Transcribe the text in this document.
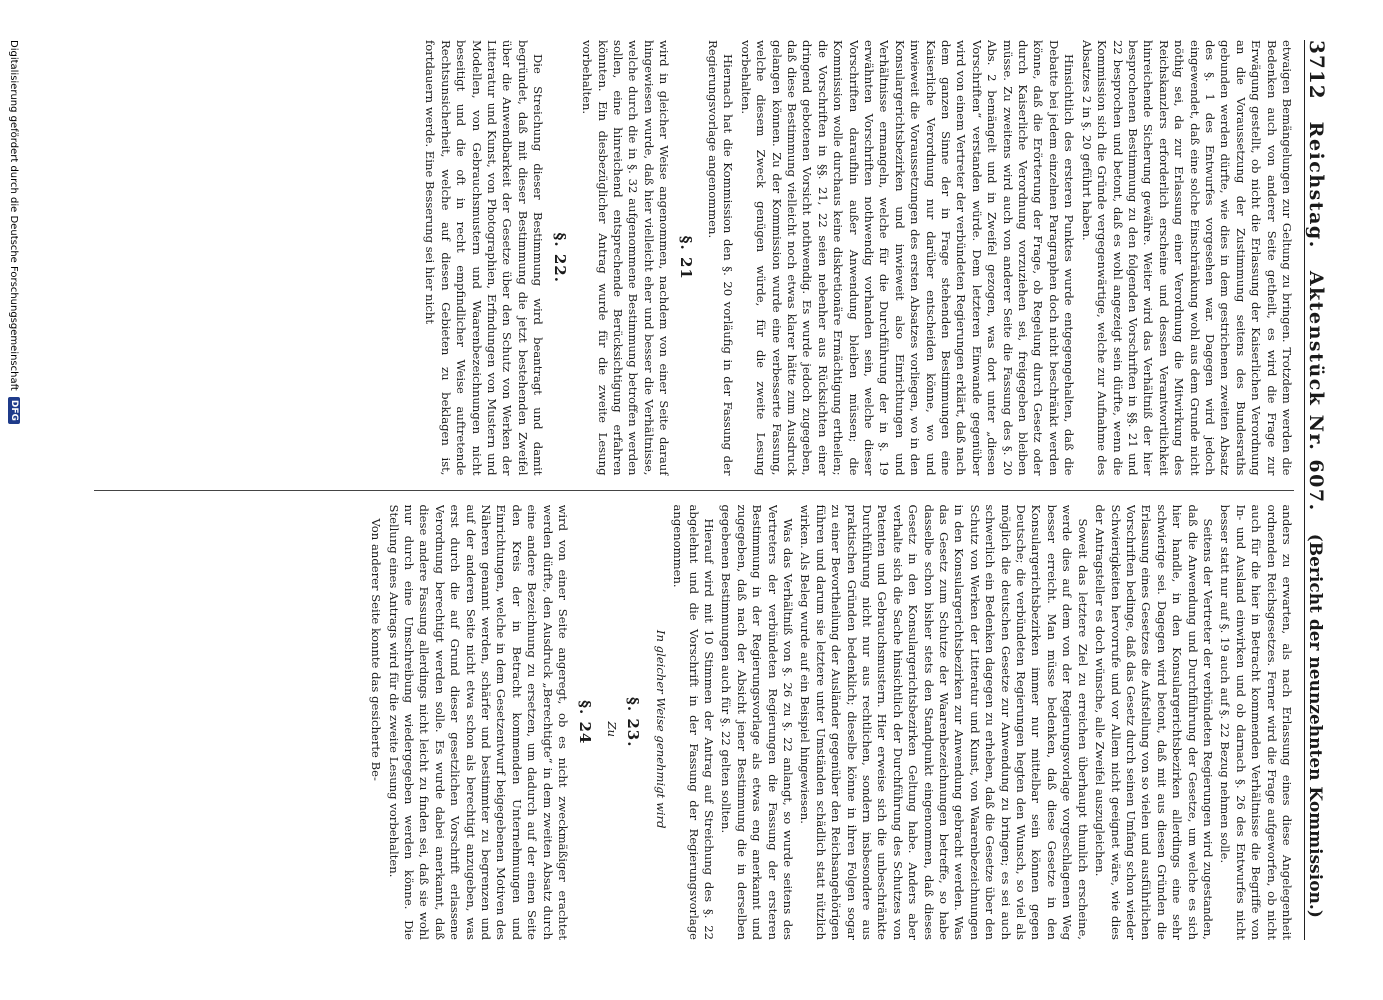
3712
Reichstag.
Aktenstück Nr. 607.
(Bericht der neunzehnten Kommission.)

etwaigen Bemängelungen zur Geltung zu bringen. Trotzdem werden die Bedenken auch von anderer Seite getheilt, es wird die Frage zur Erwägung gestellt, ob nicht die Erlassung der Kaiserlichen Verordnung an die Voraussetzung der Zustimmung seitens des Bundesraths gebunden werden dürfte, wie dies in dem gestrichenen zweiten Absatz des §. 1 des Entwurfes vorgesehen war. Dagegen wird jedoch eingewendet, daß eine solche Einschränkung wohl aus dem Grunde nicht nöthig sei, da zur Erlassung einer Verordnung die Mitwirkung des Reichskanzlers erforderlich erscheine und dessen Verantwortlichkeit hinreichende Sicherung gewähre. Weiter wird das Verhältniß der hier besprochenen Bestimmung zu den folgenden Vorschriften in §§. 21 und 22 besprochen und betont, daß es wohl angezeigt sein dürfte, wenn die Kommission sich die Gründe vergegenwärtige, welche zur Aufnahme des Absatzes 2 in §. 20 geführt haben.

Hinsichtlich des ersteren Punktes wurde entgegengehalten, daß die Debatte bei jedem einzelnen Paragraphen doch nicht beschränkt werden könne, daß die Erörterung der Frage, ob Regelung durch Gesetz oder durch Kaiserliche Verordnung vorzuziehen sei, freigegeben bleiben müsse. Zu zweitens wird auch von anderer Seite die Fassung des §. 20 Abs. 2 bemängelt und in Zweifel gezogen, was dort unter „diesen Vorschriften“ verstanden würde. Dem letzteren Einwande gegenüber wird von einem Vertreter der verbündeten Regierungen erklärt, daß nach dem ganzen Sinne der in Frage stehenden Bestimmungen eine Kaiserliche Verordnung nur darüber entscheiden könne, wo und inwieweit die Voraussetzungen des ersten Absatzes vorliegen, wo in den Konsulargerichtsbezirken und inwieweit also Einrichtungen und Verhältnisse ermangeln, welche für die Durchführung der in §. 19 erwähnten Vorschriften nothwendig vorhanden sein, welche dieser Vorschriften daraufhin außer Anwendung bleiben müssen; die Kommission wolle durchaus keine diskretionäre Ermächtigung ertheilen; die Vorschriften in §§. 21, 22 seien nebenher aus Rücksichten einer dringend gebotenen Vorsicht nothwendig. Es wurde jedoch zugegeben, daß diese Bestimmung vielleicht noch etwas klarer hätte zum Ausdruck gelangen können. Zu der Kommission wurde eine verbesserte Fassung, welche diesem Zweck genügen würde, für die zweite Lesung vorbehalten.

Hiernach hat die Kommission den §. 20 vorläufig in der Fassung der Regierungsvorlage angenommen.

§. 21

wird in gleicher Weise angenommen, nachdem von einer Seite darauf hingewiesen wurde, daß hier vielleicht eher und besser die Verhältnisse, welche durch die in §. 32 aufgenommene Bestimmung betroffen werden sollen, eine hinreichend entsprechende Berücksichtigung erfahren könnten. Ein diesbezüglicher Antrag wurde für die zweite Lesung vorbehalten.

§. 22.

Die Streichung dieser Bestimmung wird beantragt und damit begründet, daß mit dieser Bestimmung die jetzt bestehenden Zweifel über die Anwendbarkeit der Gesetze über den Schutz von Werken der Litteratur und Kunst, von Photographien, Erfindungen von Mustern und Modellen, von Gebrauchsmustern und Waarenbezeichnungen nicht beseitigt und die oft in recht empfindlicher Weise auftretende Rechtsunsicherheit, welche auf diesen Gebieten zu beklagen ist, fortdauern werde. Eine Besserung sei hier nicht

anders zu erwarten, als nach Erlassung eines diese Angelegenheit ordnenden Reichsgesetzes. Ferner wird die Frage aufgeworfen, ob nicht auch für die hier in Betracht kommenden Verhältnisse die Begriffe von In- und Ausland einwirken und ob darnach §. 26 des Entwurfes nicht besser statt nur auf §. 19 auch auf §. 22 Bezug nehmen solle.

Seitens der Vertreter der verbündeten Regierungen wird zugestanden, daß die Anwendung und Durchführung der Gesetze, um welche es sich hier handle, in den Konsulargerichtsbezirken allerdings eine sehr schwierige sei. Dagegen wird betont, daß mit aus diesen Gründen die Erlassung eines Gesetzes die Aufstellung von so vielen und ausführlichen Vorschriften bedinge, daß das Gesetz durch seinen Umfang schon wieder Schwierigkeiten hervorrufe und vor Allem nicht geeignet wäre, wie dies der Antragsteller es doch wünsche, alle Zweifel auszugleichen.

Soweit das letztere Ziel zu erreichen überhaupt thunlich erscheine, werde dies auf dem von der Regierungsvorlage vorgeschlagenen Weg besser erreicht. Man müsse bedenken, daß diese Gesetze in den Konsulargerichtsbezirken immer nur mittelbar sein können gegen Deutsche; die verbündeten Regierungen hegten den Wunsch, so viel als möglich die deutschen Gesetze zur Anwendung zu bringen; es sei auch schwerlich ein Bedenken dagegen zu erheben, daß die Gesetze über den Schutz von Werken der Litteratur und Kunst, von Waarenbezeichnungen in den Konsulargerichtsbezirken zur Anwendung gebracht werden. Was das Gesetz zum Schutze der Waarenbezeichnungen betreffe, so habe dasselbe schon bisher stets den Standpunkt eingenommen, daß dieses Gesetz in den Konsulargerichtsbezirken Geltung habe. Anders aber verhalte sich die Sache hinsichtlich der Durchführung des Schutzes von Patenten und Gebrauchsmustern. Hier erweise sich die unbeschränkte Durchführung nicht nur aus rechtlichen, sondern insbesondere aus praktischen Gründen bedenklich; dieselbe könne in ihren Folgen sogar zu einer Bevortheilung der Ausländer gegenüber den Reichsangehörigen führen und darum sie letztere unter Umständen schädlich statt nützlich wirken. Als Beleg wurde auf ein Beispiel hingewiesen.

Was das Verhältniß von §. 26 zu §. 22 anlangt, so wurde seitens des Vertreters der verbündeten Regierungen die Fassung der ersteren Bestimmung in der Regierungsvorlage als etwas eng anerkannt und zugegeben, daß nach der Absicht jener Bestimmung die in derselben gegebenen Bestimmungen auch für §. 22 gelten sollten.

Hierauf wird mit 10 Stimmen der Antrag auf Streichung des §. 22 abgelehnt und die Vorschrift in der Fassung der Regierungsvorlage angenommen.

In gleicher Weise genehmigt wird

§. 23.

Zu

§. 24

wird von einer Seite angeregt, ob es nicht zweckmäßiger erachtet werden dürfte, den Ausdruck „Berechtigte“ in dem zweiten Absatz durch eine andere Bezeichnung zu ersetzen, um dadurch auf der einen Seite den Kreis der in Betracht kommenden Unternehmungen und Einrichtungen, welche in dem Gesetzentwurf beigegebenen Motiven des Näheren genannt werden, schärfer und bestimmter zu begrenzen und auf der anderen Seite nicht etwa schon als berechtigt anzugeben, was erst durch die auf Grund dieser gesetzlichen Vorschrift erlassene Verordnung berechtigt werden solle. Es wurde dabei anerkannt, daß diese andere Fassung allerdings nicht leicht zu finden sei, daß sie wohl nur durch eine Umschreibung wiedergegeben werden könne. Die Stellung eines Antrags wird für die zweite Lesung vorbehalten.

Von anderer Seite konnte das gesicherte Be-

Digitalisierung gefördert durch die Deutsche Forschungsgemeinschaft
DFG
